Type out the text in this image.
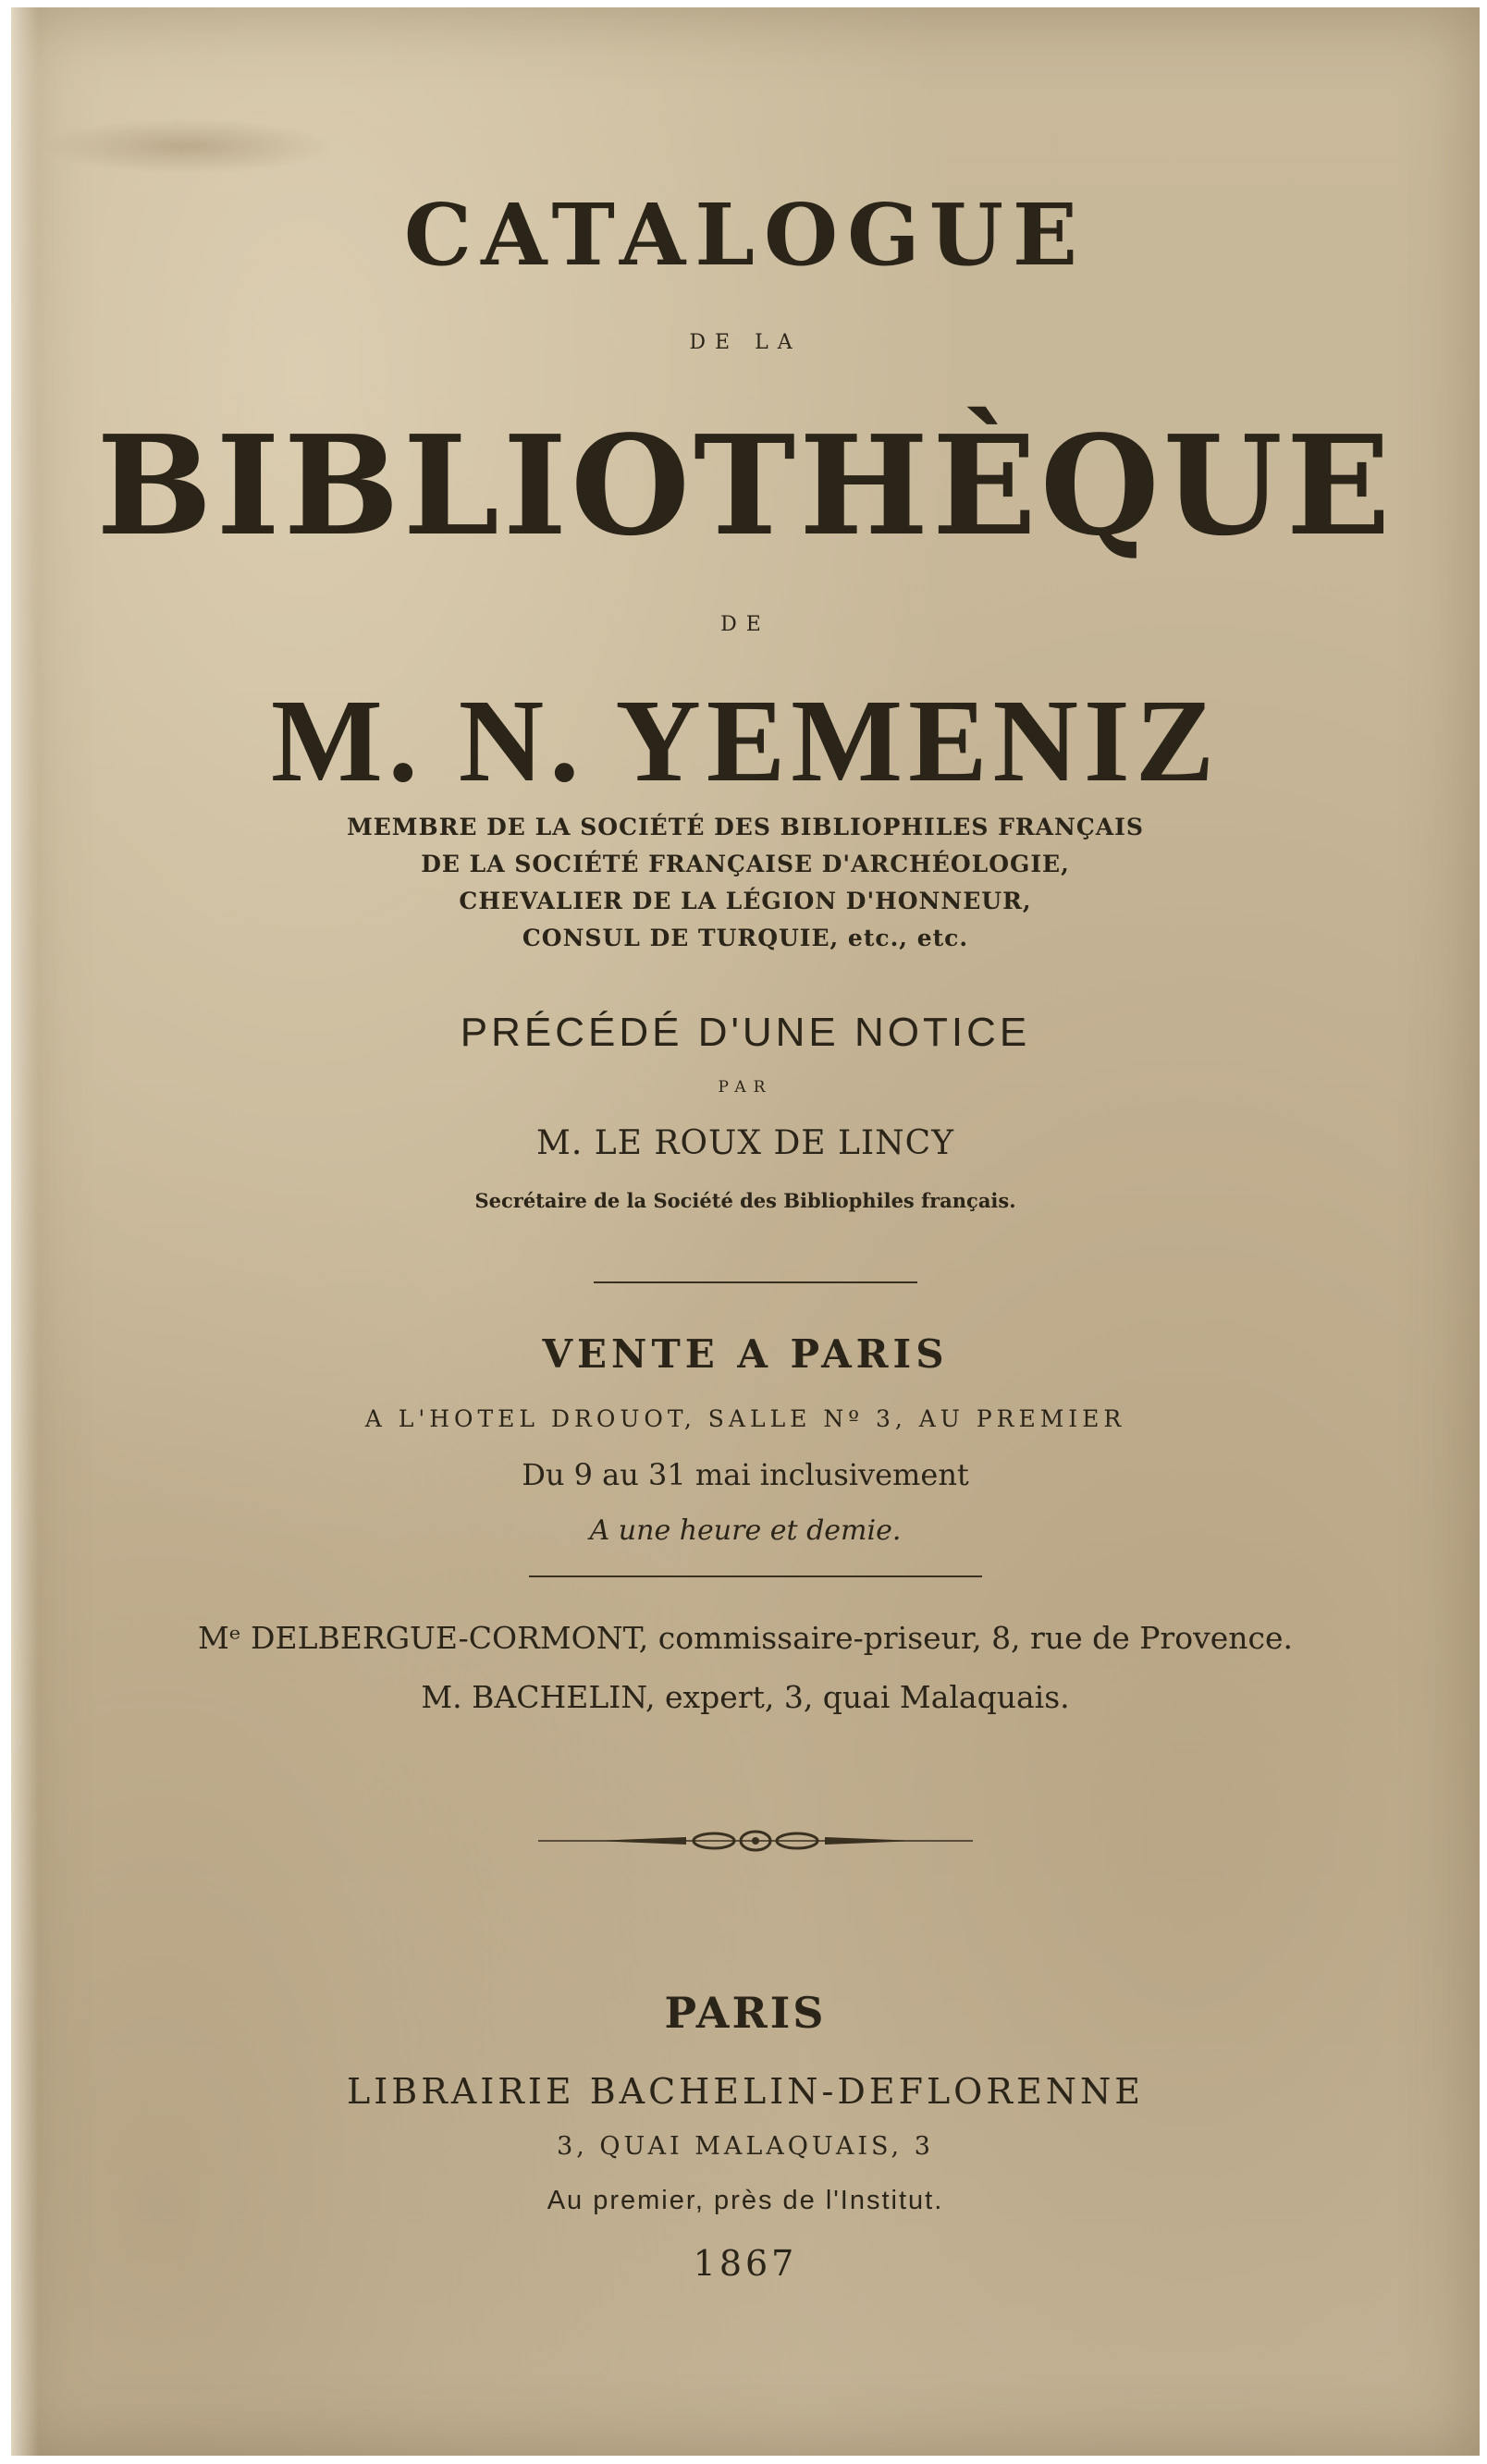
CATALOGUE
DE LA
BIBLIOTHÈQUE
DE
M. N. YEMENIZ
MEMBRE DE LA SOCIÉTÉ DES BIBLIOPHILES FRANÇAIS
DE LA SOCIÉTÉ FRANÇAISE D'ARCHÉOLOGIE,
CHEVALIER DE LA LÉGION D'HONNEUR,
CONSUL DE TURQUIE, etc., etc.
PRÉCÉDÉ D'UNE NOTICE
PAR
M. LE ROUX DE LINCY
Secrétaire de la Société des Bibliophiles français.
VENTE A PARIS
A L'HOTEL DROUOT, SALLE Nº 3, AU PREMIER
Du 9 au 31 mai inclusivement
A une heure et demie.
Mᵉ DELBERGUE-CORMONT, commissaire-priseur, 8, rue de Provence.
M. BACHELIN, expert, 3, quai Malaquais.
PARIS
LIBRAIRIE BACHELIN-DEFLORENNE
3, QUAI MALAQUAIS, 3
Au premier, près de l'Institut.
1867
